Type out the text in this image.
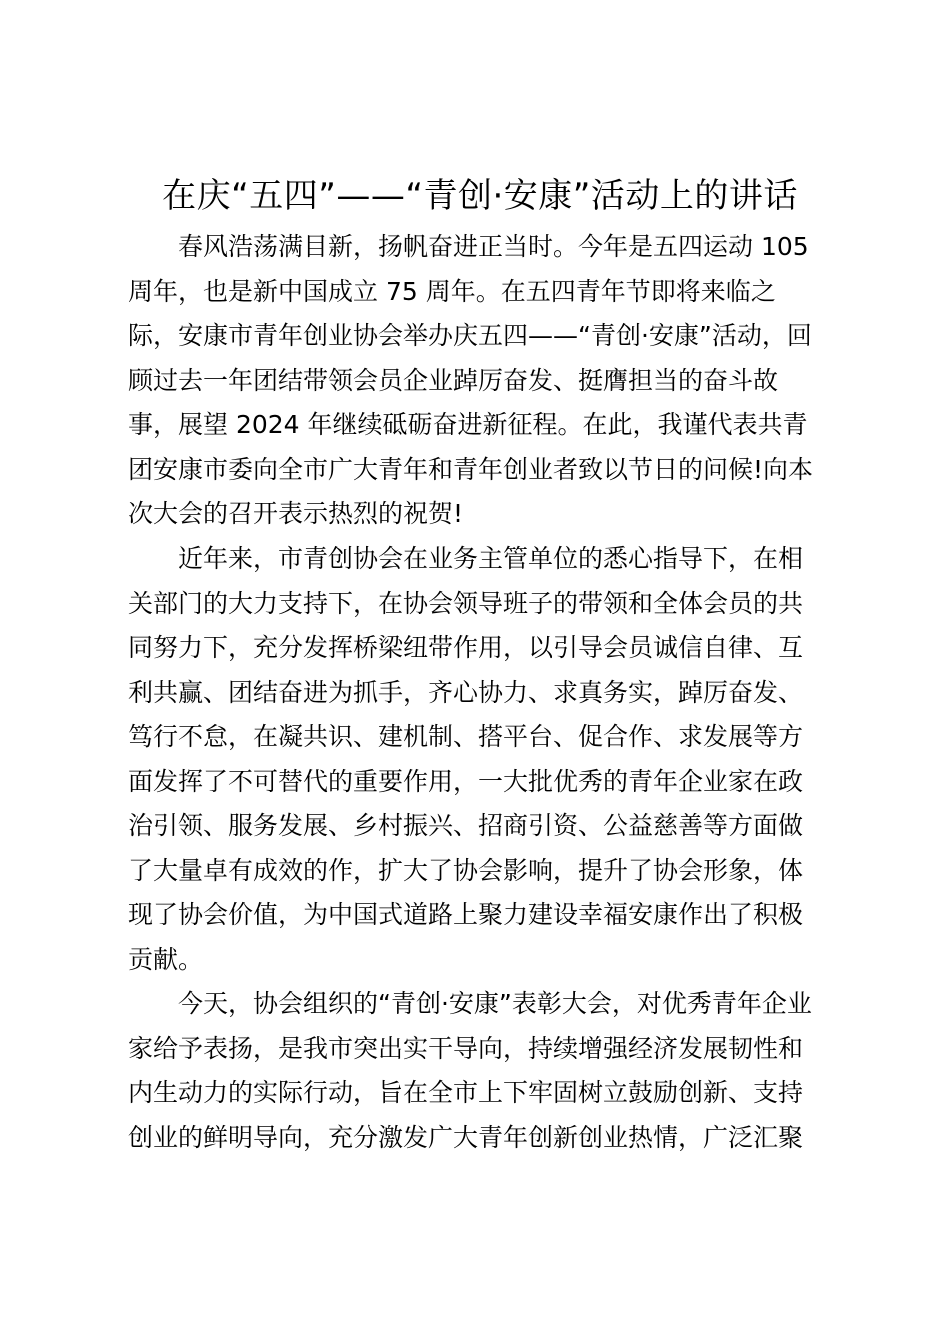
在庆“五四”——“青创·安康”活动上的讲话

春风浩荡满目新，扬帆奋进正当时。今年是五四运动 105

周年，也是新中国成立 75 周年。在五四青年节即将来临之

际，安康市青年创业协会举办庆五四——“青创·安康”活动，回

顾过去一年团结带领会员企业踔厉奋发、挺膺担当的奋斗故

事，展望 2024 年继续砥砺奋进新征程。在此，我谨代表共青

团安康市委向全市广大青年和青年创业者致以节日的问候!向本

次大会的召开表示热烈的祝贺!

近年来，市青创协会在业务主管单位的悉心指导下，在相

关部门的大力支持下，在协会领导班子的带领和全体会员的共

同努力下，充分发挥桥梁纽带作用，以引导会员诚信自律、互

利共赢、团结奋进为抓手，齐心协力、求真务实，踔厉奋发、

笃行不怠，在凝共识、建机制、搭平台、促合作、求发展等方

面发挥了不可替代的重要作用，一大批优秀的青年企业家在政

治引领、服务发展、乡村振兴、招商引资、公益慈善等方面做

了大量卓有成效的作，扩大了协会影响，提升了协会形象，体

现了协会价值，为中国式道路上聚力建设幸福安康作出了积极

贡献。

今天，协会组织的“青创·安康”表彰大会，对优秀青年企业

家给予表扬，是我市突出实干导向，持续增强经济发展韧性和

内生动力的实际行动，旨在全市上下牢固树立鼓励创新、支持

创业的鲜明导向，充分激发广大青年创新创业热情，广泛汇聚
